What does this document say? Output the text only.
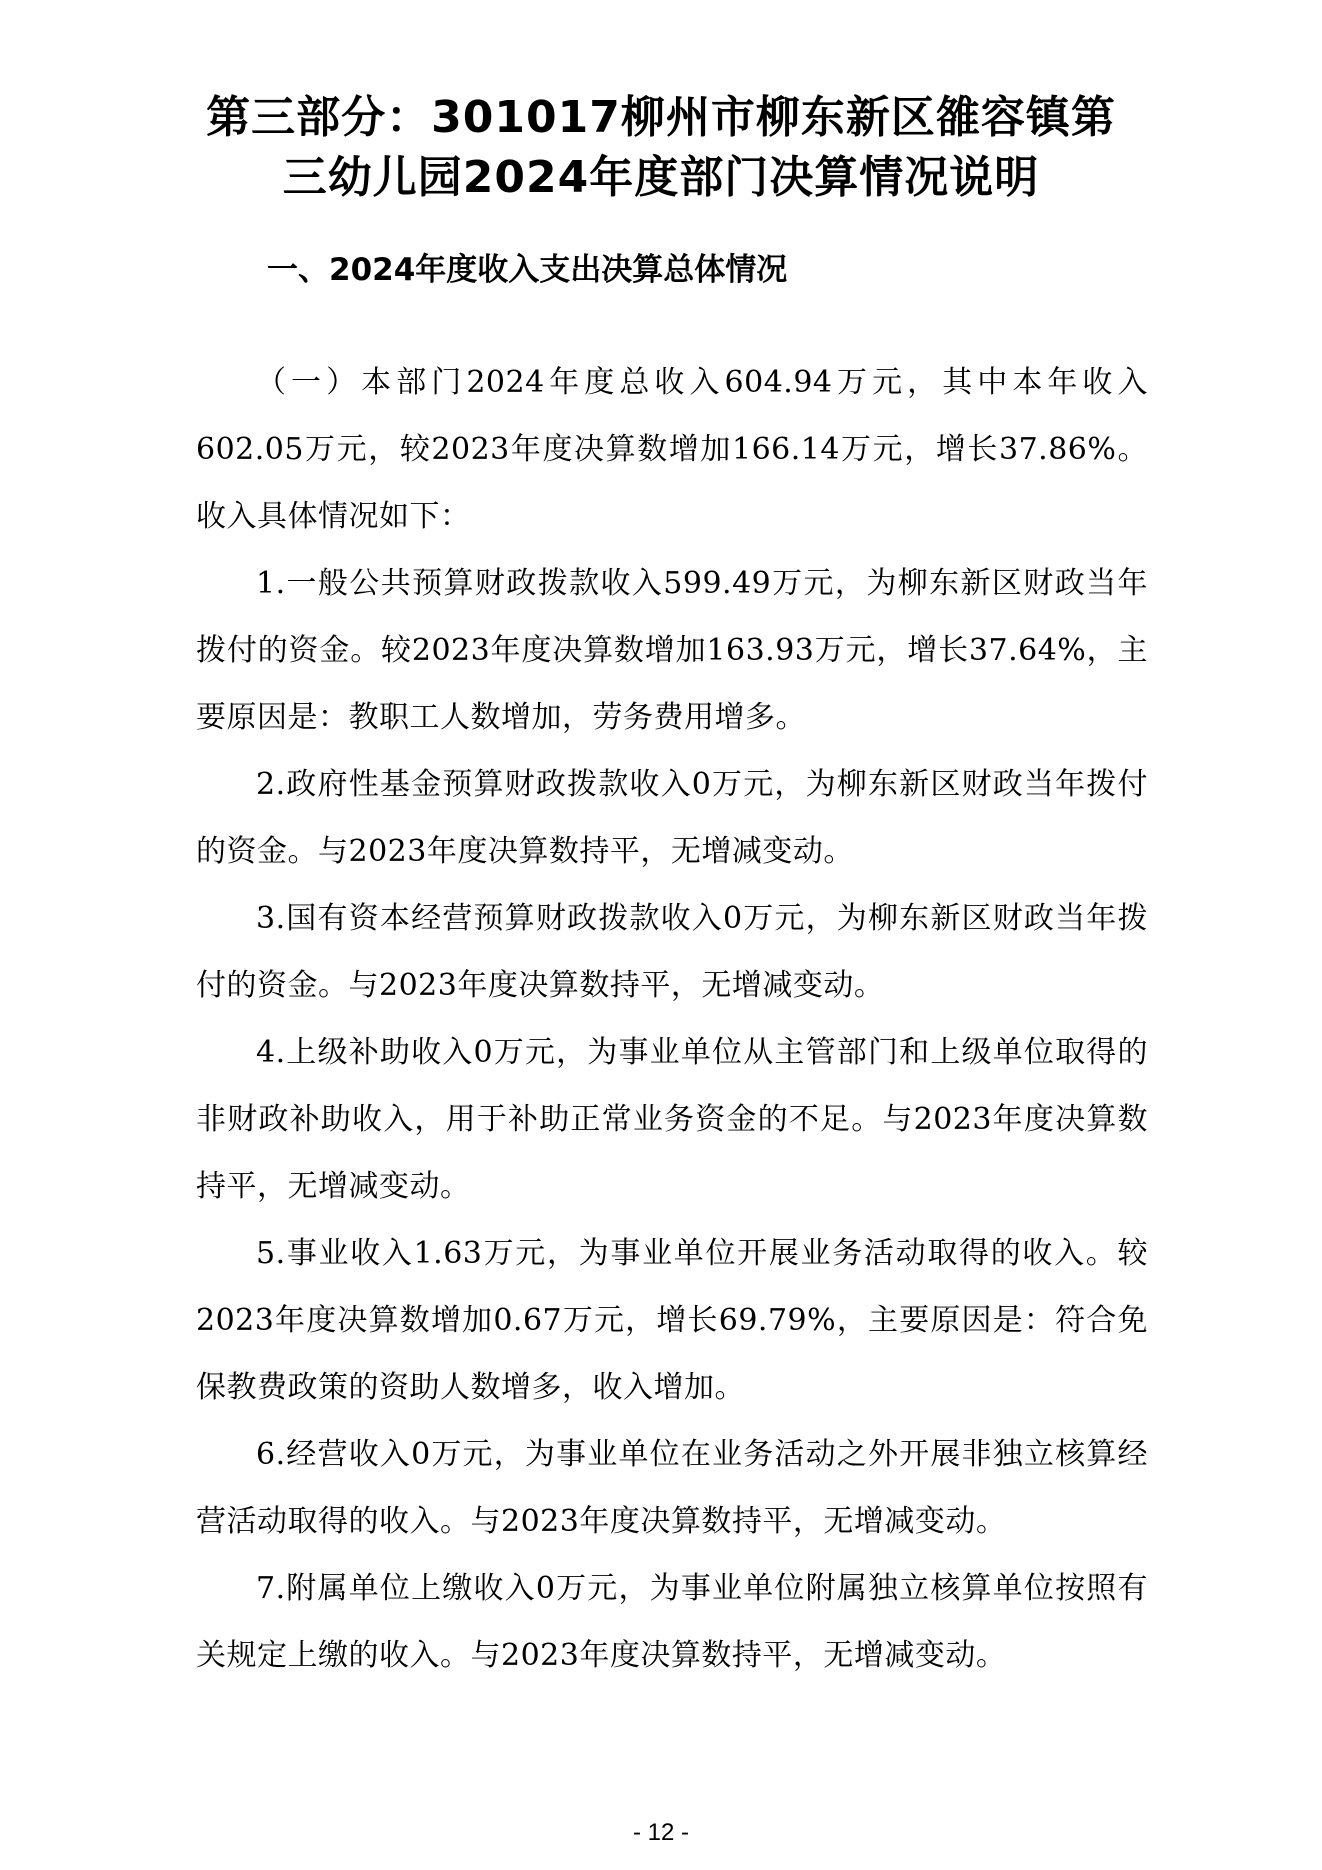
第三部分：301017柳州市柳东新区雒容镇第
三幼儿园2024年度部门决算情况说明
一、2024年度收入支出决算总体情况

（一）本部门2024年度总收入604.94万元，其中本年收入602.05万元，较2023年度决算数增加166.14万元，增长37.86%。收入具体情况如下：

1.一般公共预算财政拨款收入599.49万元，为柳东新区财政当年拨付的资金。较2023年度决算数增加163.93万元，增长37.64%，主要原因是：教职工人数增加，劳务费用增多。

2.政府性基金预算财政拨款收入0万元，为柳东新区财政当年拨付的资金。与2023年度决算数持平，无增减变动。

3.国有资本经营预算财政拨款收入0万元，为柳东新区财政当年拨付的资金。与2023年度决算数持平，无增减变动。

4.上级补助收入0万元，为事业单位从主管部门和上级单位取得的非财政补助收入，用于补助正常业务资金的不足。与2023年度决算数持平，无增减变动。

5.事业收入1.63万元，为事业单位开展业务活动取得的收入。较2023年度决算数增加0.67万元，增长69.79%，主要原因是：符合免保教费政策的资助人数增多，收入增加。

6.经营收入0万元，为事业单位在业务活动之外开展非独立核算经营活动取得的收入。与2023年度决算数持平，无增减变动。

7.附属单位上缴收入0万元，为事业单位附属独立核算单位按照有关规定上缴的收入。与2023年度决算数持平，无增减变动。

- 12 -
